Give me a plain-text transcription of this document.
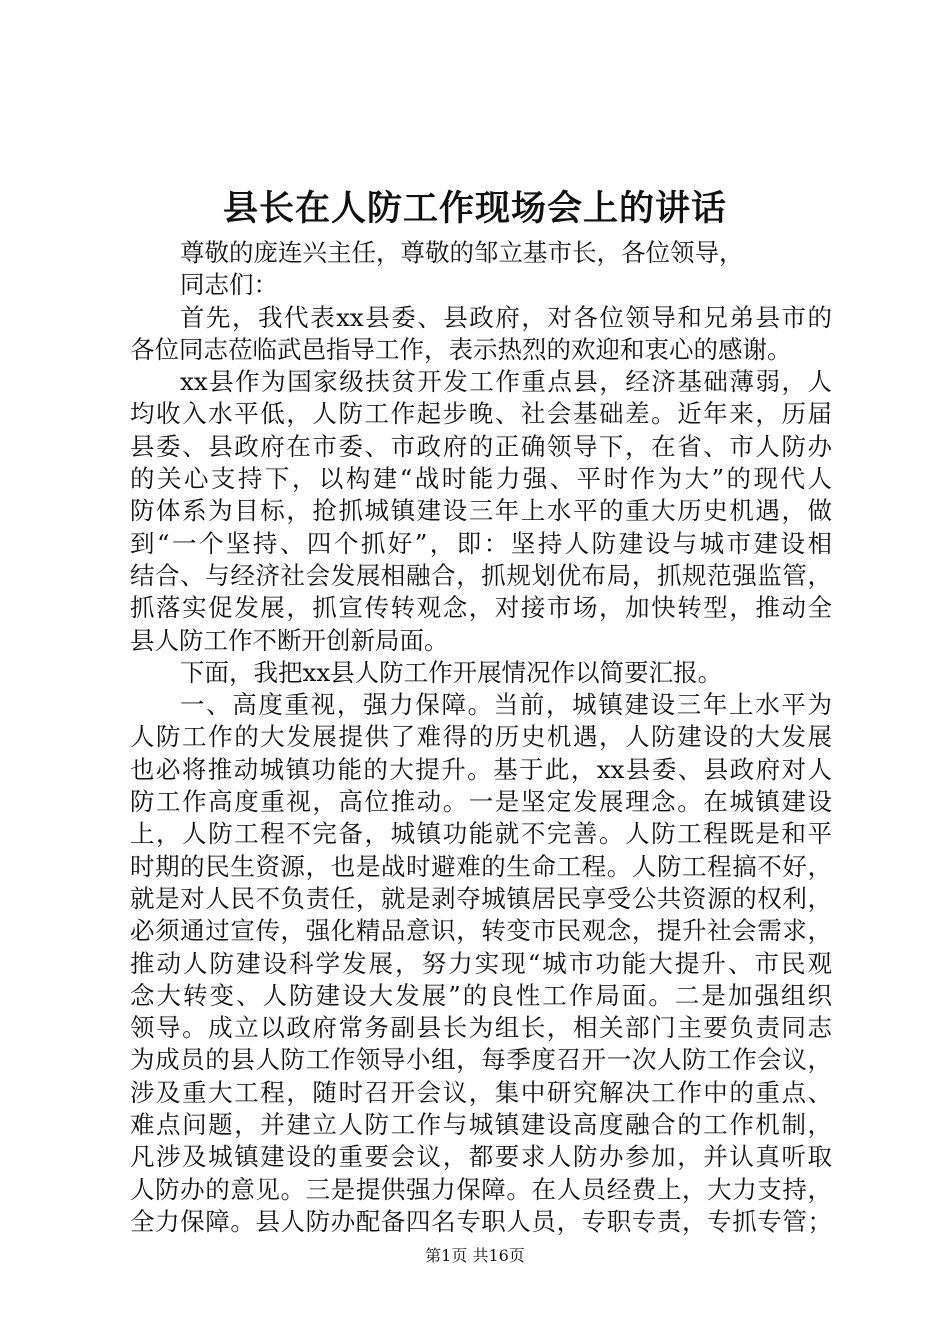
县长在人防工作现场会上的讲话
尊敬的庞连兴主任，尊敬的邹立基市长，各位领导，
同志们：
首先，我代表xx县委、县政府，对各位领导和兄弟县市的
各位同志莅临武邑指导工作，表示热烈的欢迎和衷心的感谢。
xx县作为国家级扶贫开发工作重点县，经济基础薄弱，人
均收入水平低，人防工作起步晚、社会基础差。近年来，历届
县委、县政府在市委、市政府的正确领导下，在省、市人防办
的关心支持下，以构建“战时能力强、平时作为大”的现代人
防体系为目标，抢抓城镇建设三年上水平的重大历史机遇，做
到“一个坚持、四个抓好”，即：坚持人防建设与城市建设相
结合、与经济社会发展相融合，抓规划优布局，抓规范强监管，
抓落实促发展，抓宣传转观念，对接市场，加快转型，推动全
县人防工作不断开创新局面。
下面，我把xx县人防工作开展情况作以简要汇报。
一、高度重视，强力保障。当前，城镇建设三年上水平为
人防工作的大发展提供了难得的历史机遇，人防建设的大发展
也必将推动城镇功能的大提升。基于此，xx县委、县政府对人
防工作高度重视，高位推动。一是坚定发展理念。在城镇建设
上，人防工程不完备，城镇功能就不完善。人防工程既是和平
时期的民生资源，也是战时避难的生命工程。人防工程搞不好，
就是对人民不负责任，就是剥夺城镇居民享受公共资源的权利，
必须通过宣传，强化精品意识，转变市民观念，提升社会需求，
推动人防建设科学发展，努力实现“城市功能大提升、市民观
念大转变、人防建设大发展”的良性工作局面。二是加强组织
领导。成立以政府常务副县长为组长，相关部门主要负责同志
为成员的县人防工作领导小组，每季度召开一次人防工作会议，
涉及重大工程，随时召开会议，集中研究解决工作中的重点、
难点问题，并建立人防工作与城镇建设高度融合的工作机制，
凡涉及城镇建设的重要会议，都要求人防办参加，并认真听取
人防办的意见。三是提供强力保障。在人员经费上，大力支持，
全力保障。县人防办配备四名专职人员，专职专责，专抓专管；
第1页 共16页
